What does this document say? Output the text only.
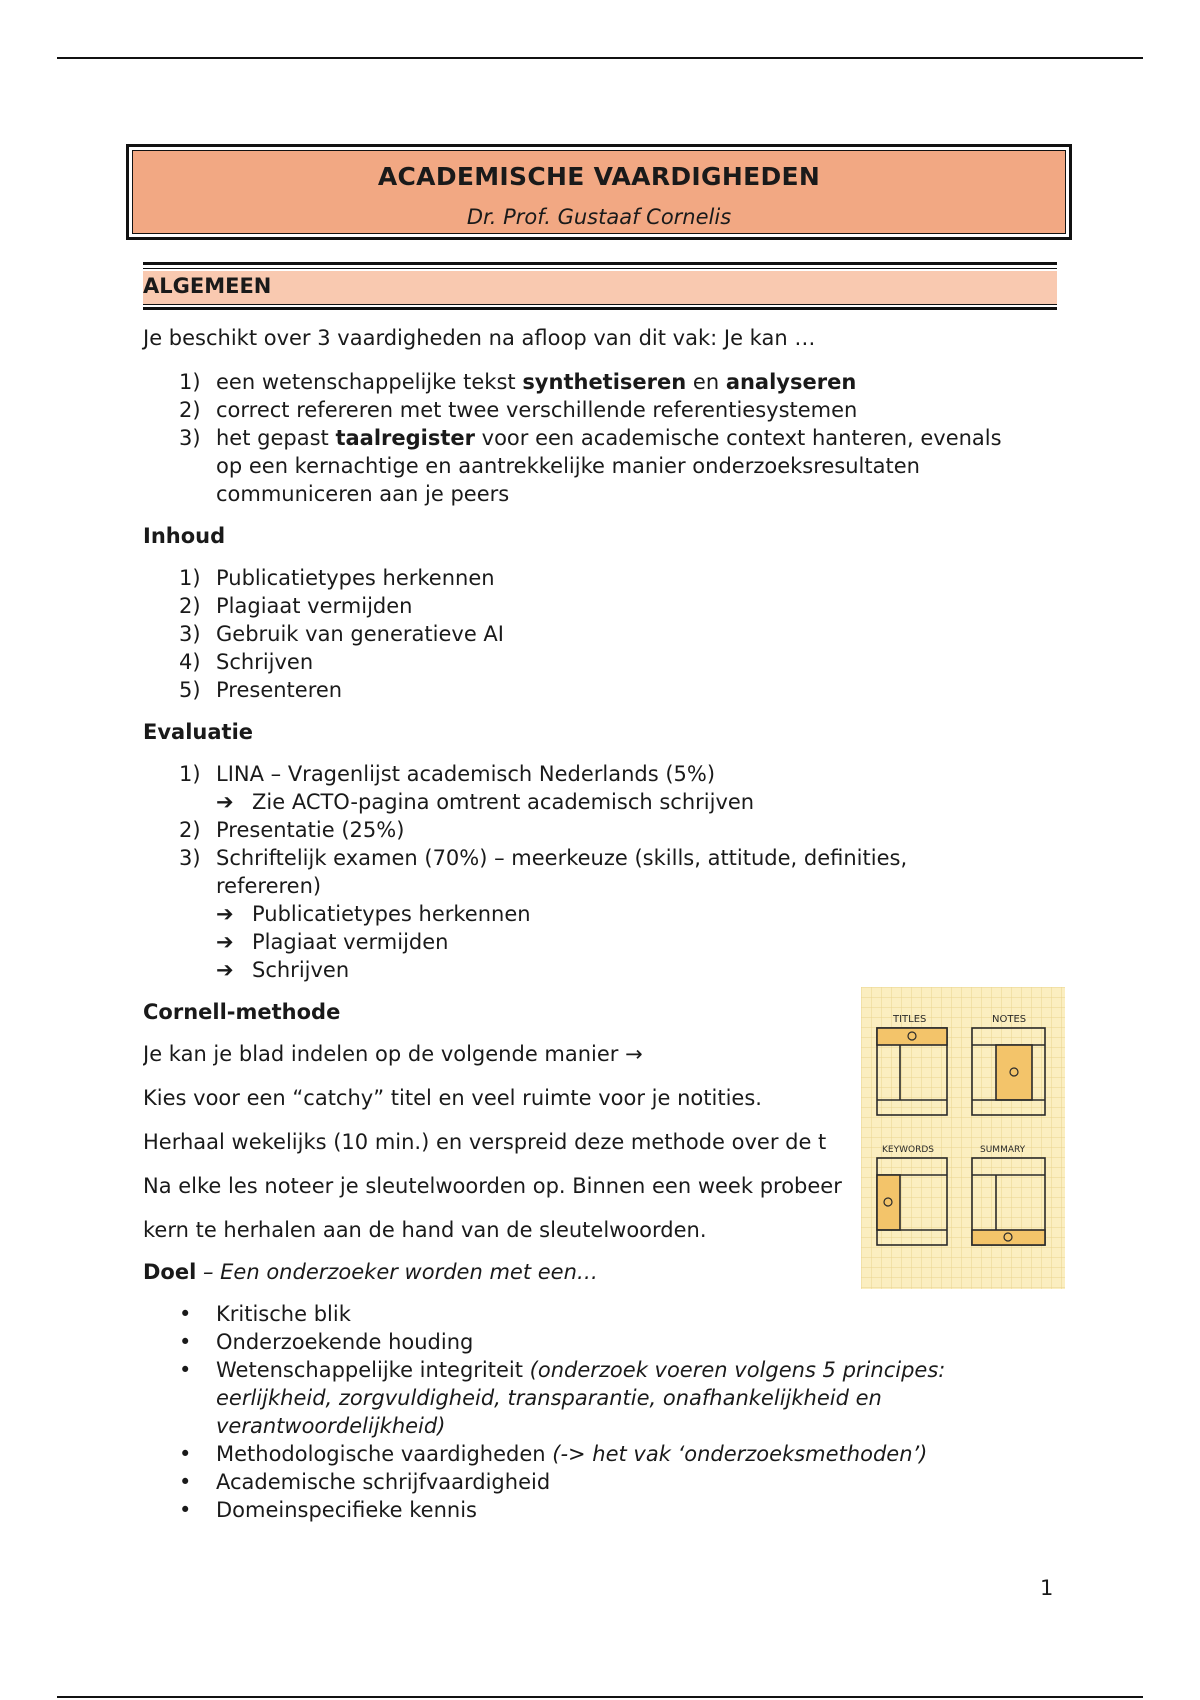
ACADEMISCHE VAARDIGHEDEN
Dr. Prof. Gustaaf Cornelis
ALGEMEEN

Je beschikt over 3 vaardigheden na afloop van dit vak: Je kan …

1) een wetenschappelijke tekst synthetiseren en analyseren
2) correct refereren met twee verschillende referentiesystemen
3) het gepast taalregister voor een academische context hanteren, evenals
op een kernachtige en aantrekkelijke manier onderzoeksresultaten
communiceren aan je peers
Inhoud
1) Publicatietypes herkennen
2) Plagiaat vermijden
3) Gebruik van generatieve AI
4) Schrijven
5) Presenteren
Evaluatie
1) LINA – Vragenlijst academisch Nederlands (5%)
➔ Zie ACTO-pagina omtrent academisch schrijven
2) Presentatie (25%)
3) Schriftelijk examen (70%) – meerkeuze (skills, attitude, definities,
refereren)
➔ Publicatietypes herkennen
➔ Plagiaat vermijden
➔ Schrijven
Cornell-methode

Je kan je blad indelen op de volgende manier →

Kies voor een “catchy” titel en veel ruimte voor je notities.

Herhaal wekelijks (10 min.) en verspreid deze methode over de t

Na elke les noteer je sleutelwoorden op. Binnen een week probeer

kern te herhalen aan de hand van de sleutelwoorden.

Doel – Een onderzoeker worden met een…

• Kritische blik
• Onderzoekende houding
• Wetenschappelijke integriteit (onderzoek voeren volgens 5 principes:
eerlijkheid, zorgvuldigheid, transparantie, onafhankelijkheid en
verantwoordelijkheid)
• Methodologische vaardigheden (-> het vak ‘onderzoeksmethoden’)
• Academische schrijfvaardigheid
• Domeinspecifieke kennis
TITLES	NOTES
KEYWORDS	SUMMARY
1
